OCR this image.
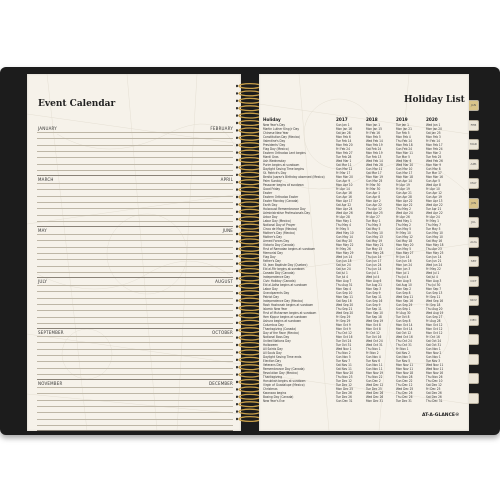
Event Calendar
JANUARY	FEBRUARY
MARCH	APRIL
MAY	JUNE
JULY	AUGUST
SEPTEMBER	OCTOBER
NOVEMBER	DECEMBER
Holiday List
Holiday	2017	2018	2019	2020
New Year's Day	Sun Jan 1	Mon Jan 1	Tue Jan 1	Wed Jan 1
Martin Luther King Jr Day	Mon Jan 16	Mon Jan 15	Mon Jan 21	Mon Jan 20
Chinese New Year	Sat Jan 28	Fri Feb 16	Tue Feb 5	Sat Jan 25
Constitution Day (Mexico)	Mon Feb 6	Mon Feb 5	Mon Feb 4	Mon Feb 3
Valentine's Day	Tue Feb 14	Wed Feb 14	Thu Feb 14	Fri Feb 14
Presidents' Day	Mon Feb 20	Mon Feb 19	Mon Feb 18	Mon Feb 17
Flag Day (Mexico)	Fri Feb 24	Sat Feb 24	Sun Feb 24	Mon Feb 24
Eastern Orthodox Lent begins	Mon Feb 27	Mon Feb 19	Mon Mar 11	Mon Mar 2
Mardi Gras	Tue Feb 28	Tue Feb 13	Tue Mar 5	Tue Feb 25
Ash Wednesday	Wed Mar 1	Wed Feb 14	Wed Mar 6	Wed Feb 26
Purim begins at sundown	Sat Mar 11	Wed Feb 28	Wed Mar 20	Mon Mar 9
Daylight Saving Time begins	Sun Mar 12	Sun Mar 11	Sun Mar 10	Sun Mar 8
St. Patrick's Day	Fri Mar 17	Sat Mar 17	Sun Mar 17	Tue Mar 17
Benito Juarez's Birthday observed (Mexico)	Mon Mar 20	Mon Mar 19	Mon Mar 18	Mon Mar 16
Palm Sunday	Sun Apr 9	Sun Mar 25	Sun Apr 14	Sun Apr 5
Passover begins at sundown	Mon Apr 10	Fri Mar 30	Fri Apr 19	Wed Apr 8
Good Friday	Fri Apr 14	Fri Mar 30	Fri Apr 19	Fri Apr 10
Easter	Sun Apr 16	Sun Apr 1	Sun Apr 21	Sun Apr 12
Eastern Orthodox Easter	Sun Apr 16	Sun Apr 8	Sun Apr 28	Sun Apr 19
Easter Monday (Canada)	Mon Apr 17	Mon Apr 2	Mon Apr 22	Mon Apr 13
Earth Day	Sat Apr 22	Sun Apr 22	Mon Apr 22	Wed Apr 22
Holocaust Remembrance Day	Mon Apr 24	Thu Apr 12	Thu May 2	Tue Apr 21
Administrative Professionals Day	Wed Apr 26	Wed Apr 25	Wed Apr 24	Wed Apr 22
Arbor Day	Fri Apr 28	Fri Apr 27	Fri Apr 26	Fri Apr 24
Labor Day (Mexico)	Mon May 1	Tue May 1	Wed May 1	Fri May 1
National Day of Prayer	Thu May 4	Thu May 3	Thu May 2	Thu May 7
Cinco de Mayo (Mexico)	Fri May 5	Sat May 5	Sun May 5	Tue May 5
Mother's Day (Mexico)	Wed May 10	Thu May 10	Fri May 10	Sun May 10
Mother's Day	Sun May 14	Sun May 13	Sun May 12	Sun May 10
Armed Forces Day	Sat May 20	Sat May 19	Sat May 18	Sat May 16
Victoria Day (Canada)	Mon May 22	Mon May 21	Mon May 20	Mon May 18
First of Ramadan begins at sundown	Fri May 26	Tue May 15	Sun May 5	Thu Apr 23
Memorial Day	Mon May 29	Mon May 28	Mon May 27	Mon May 25
Flag Day	Wed Jun 14	Thu Jun 14	Fri Jun 14	Sun Jun 14
Father's Day	Sun Jun 18	Sun Jun 17	Sun Jun 16	Sun Jun 21
St. Jean Baptiste Day (Quebec)	Sat Jun 24	Sun Jun 24	Mon Jun 24	Wed Jun 24
Eid al-Fitr begins at sundown	Sat Jun 24	Thu Jun 14	Mon Jun 3	Fri May 22
Canada Day (Canada)	Sat Jul 1	Sun Jul 1	Mon Jul 1	Wed Jul 1
Independence Day	Tue Jul 4	Wed Jul 4	Thu Jul 4	Sat Jul 4
Civic Holiday (Canada)	Mon Aug 7	Mon Aug 6	Mon Aug 5	Mon Aug 3
Eid al-Adha begins at sundown	Thu Aug 31	Tue Aug 21	Sat Aug 10	Thu Jul 30
Labor Day	Mon Sep 4	Mon Sep 3	Mon Sep 2	Mon Sep 7
Grandparents Day	Sun Sep 10	Sun Sep 9	Sun Sep 8	Sun Sep 13
Patriot Day	Mon Sep 11	Tue Sep 11	Wed Sep 11	Fri Sep 11
Independence Day (Mexico)	Sat Sep 16	Sun Sep 16	Mon Sep 16	Wed Sep 16
Rosh Hashanah begins at sundown	Wed Sep 20	Sun Sep 9	Sun Sep 29	Fri Sep 18
Islamic New Year	Thu Sep 21	Tue Sep 11	Sun Sep 1	Thu Aug 20
First of Muharram begins at sundown	Wed Sep 20	Mon Sep 10	Fri Aug 30	Wed Aug 19
Yom Kippur begins at sundown	Fri Sep 29	Tue Sep 18	Tue Oct 8	Sun Sep 27
Ashura begins at sundown	Fri Sep 29	Wed Sep 19	Sun Sep 8	Fri Aug 28
Columbus Day	Mon Oct 9	Mon Oct 8	Mon Oct 14	Mon Oct 12
Thanksgiving (Canada)	Mon Oct 9	Mon Oct 8	Mon Oct 14	Mon Oct 12
Day of the Race (Mexico)	Thu Oct 12	Fri Oct 12	Sat Oct 12	Mon Oct 12
National Boss Day	Mon Oct 16	Tue Oct 16	Wed Oct 16	Fri Oct 16
United Nations Day	Tue Oct 24	Wed Oct 24	Thu Oct 24	Sat Oct 24
Halloween	Tue Oct 31	Wed Oct 31	Thu Oct 31	Sat Oct 31
All Saints Day	Wed Nov 1	Thu Nov 1	Fri Nov 1	Sun Nov 1
All Souls Day	Thu Nov 2	Fri Nov 2	Sat Nov 2	Mon Nov 2
Daylight Saving Time ends	Sun Nov 5	Sun Nov 4	Sun Nov 3	Sun Nov 1
Election Day	Tue Nov 7	Tue Nov 6	Tue Nov 5	Tue Nov 3
Veterans Day	Sat Nov 11	Sun Nov 11	Mon Nov 11	Wed Nov 11
Remembrance Day (Canada)	Sat Nov 11	Sun Nov 11	Mon Nov 11	Wed Nov 11
Revolution Day (Mexico)	Mon Nov 20	Mon Nov 19	Mon Nov 18	Mon Nov 16
Thanksgiving	Thu Nov 23	Thu Nov 22	Thu Nov 28	Thu Nov 26
Hanukkah begins at sundown	Tue Dec 12	Sun Dec 2	Sun Dec 22	Thu Dec 10
Virgin of Guadalupe (Mexico)	Tue Dec 12	Wed Dec 12	Thu Dec 12	Sat Dec 12
Christmas	Mon Dec 25	Tue Dec 25	Wed Dec 25	Fri Dec 25
Kwanzaa begins	Tue Dec 26	Wed Dec 26	Thu Dec 26	Sat Dec 26
Boxing Day (Canada)	Tue Dec 26	Wed Dec 26	Thu Dec 26	Sat Dec 26
New Year's Eve	Sun Dec 31	Mon Dec 31	Tue Dec 31	Thu Dec 31
AT-A-GLANCE®
JAN
FEB
MAR
APR
MAY
JUN
JUL
AUG
SEP
OCT
NOV
DEC
